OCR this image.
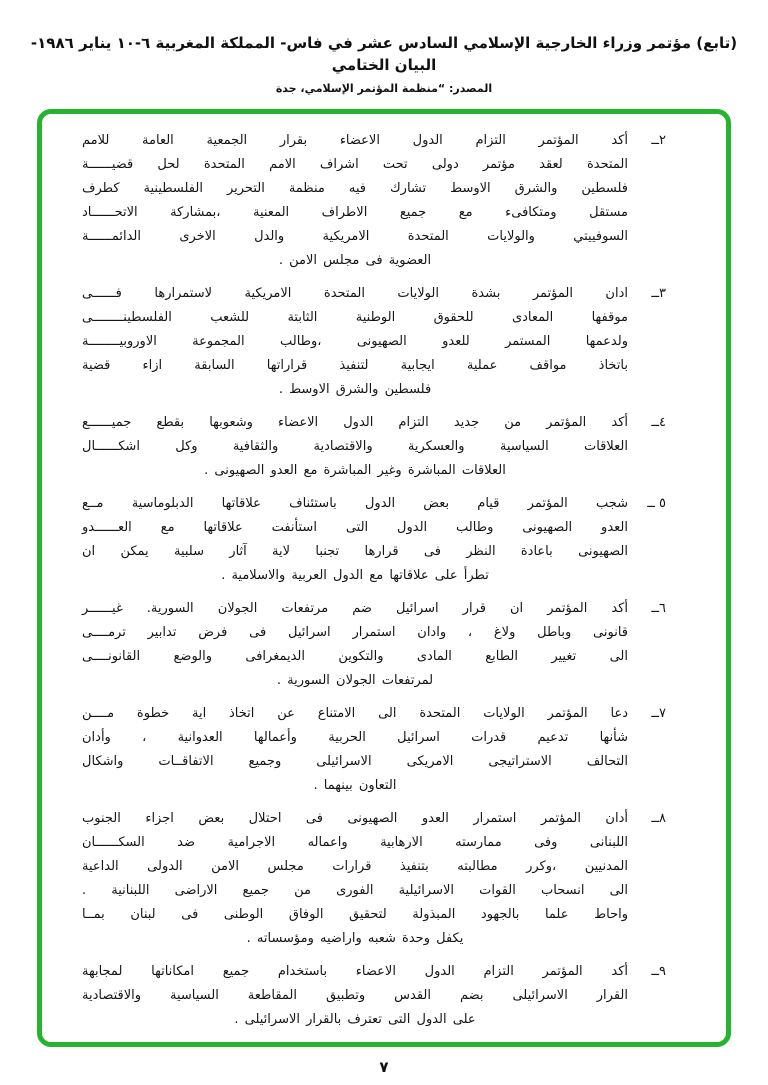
(تابع) مؤتمر وزراء الخارجية الإسلامي السادس عشر في فاس- المملكة المغربية ٦-١٠ يناير ١٩٨٦- البيان الختامي
المصدر: “منظمة المؤتمر الإسلامي، جدة
٢ــ
أكد المؤتمر التزام الدول الاعضاء بقرار الجمعية العامة للامم
المتحدة لعقد مؤتمر دولى تحت اشراف الامم المتحدة لحل قضيــــــة
فلسطين والشرق الاوسط تشارك فيه منظمة التحرير الفلسطينية كطرف
مستقل ومتكافىء مع جميع الاطراف المعنية ،بمشاركة الاتحــــــاد
السوفييتي والولايات المتحدة الامريكية والدل الاخرى الدائمــــــة
العضوية فى مجلس الامن .
٣ــ
ادان المؤتمر بشدة الولايات المتحدة الامريكية لاستمرارها فــــــى
موقفها المعادى للحقوق الوطنية الثابتة للشعب الفلسطينــــــــى
ولدعمها المستمر للعدو الصهيونى ،وطالب المجموعة الاوروبيــــــــة
باتخاذ مواقف عملية ايجابية لتنفيذ قراراتها السابقة ازاء قضية
فلسطين والشرق الاوسط .
٤ــ
أكد المؤتمر من جديد التزام الدول الاعضاء وشعوبها بقطع جميــــــع
العلاقات السياسية والعسكرية والاقتصادية والثقافية وكل اشكــــــال
العلاقات المباشرة وغير المباشرة مع العدو الصهيونى .
٥ ــ
شجب المؤتمر قيام بعض الدول باستئناف علاقاتها الدبلوماسية مــع
العدو الصهيونى وطالب الدول التى استأنفت علاقاتها مع العــــــدو
الصهيونى باعادة النظر فى قرارها تجنبا لاية آثار سلبية يمكن ان
تطرأ على علاقاتها مع الدول العربية والاسلامية .
٦ــ
أكد المؤتمر ان قرار اسرائيل ضم مرتفعات الجولان السورية. غيــــــر
قانونى وباطل ولاغ ، وادان استمرار اسرائيل فى فرض تدابير ترمــــى
الى تغيير الطابع المادى والتكوين الديمغرافى والوضع القانونــــى
لمرتفعات الجولان السورية .
٧ــ
دعا المؤتمر الولايات المتحدة الى الامتناع عن اتخاذ اية خطوة مــــن
شأنها تدعيم قدرات اسرائيل الحربية وأعمالها العدوانية ، وأدان
التحالف الاستراتيجى الامريكى الاسرائيلى وجميع الاتفاقــات واشكال
التعاون بينهما .
٨ــ
أدان المؤتمر استمرار العدو الصهيونى فى احتلال بعض اجزاء الجنوب
اللبنانى وفى ممارسته الارهابية واعماله الاجرامية ضد السكــــــان
المدنيين ،وكرر مطالبته بتنفيذ قرارات مجلس الامن الدولى الداعية
الى انسحاب القوات الاسرائيلية الفورى من جميع الاراضى اللبنانية .
واحاط علما بالجهود المبذولة لتحقيق الوفاق الوطنى فى لبنان بمــا
يكفل وحدة شعبه واراضيه ومؤسساته .
٩ــ
أكد المؤتمر التزام الدول الاعضاء باستخدام جميع امكاناتها لمجابهة
القرار الاسرائيلى بضم القدس وتطبيق المقاطعة السياسية والاقتصادية
على الدول التى تعترف بالقرار الاسرائيلى .
٧
